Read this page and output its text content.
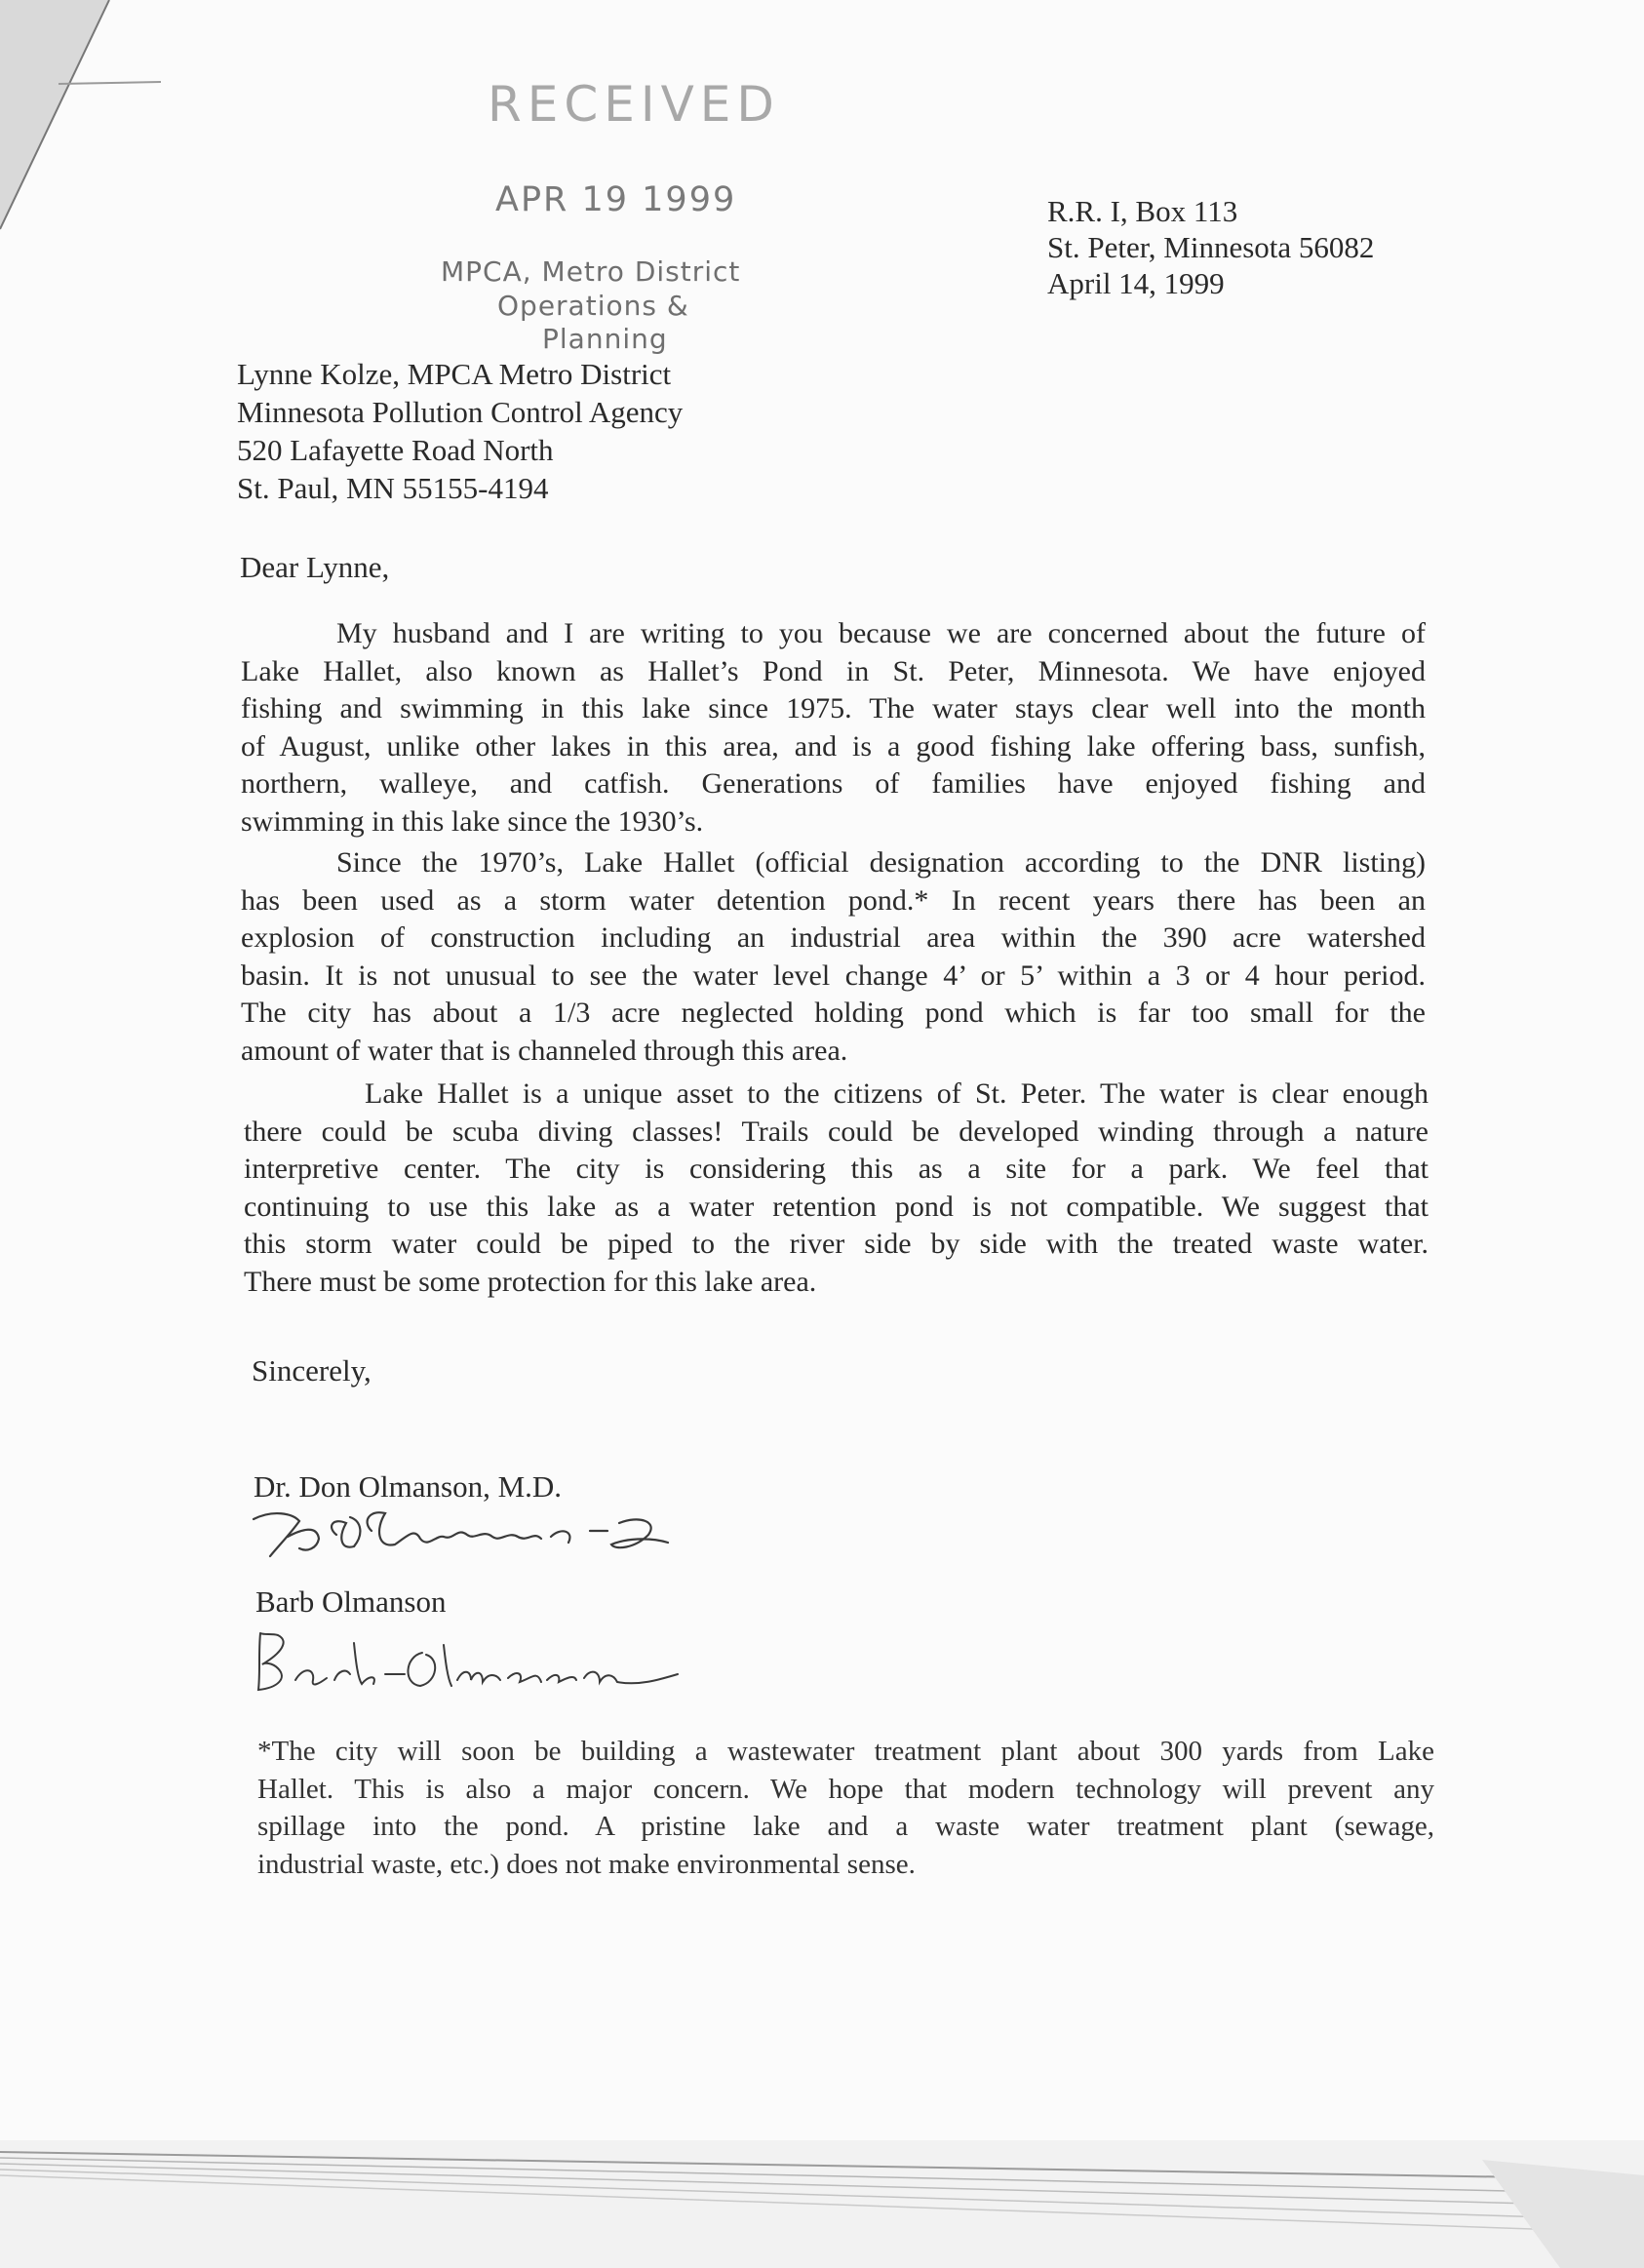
RECEIVED
APR 19 1999
MPCA, Metro District
Operations &
Planning
R.R. I, Box 113
St. Peter, Minnesota 56082
April 14, 1999
Lynne Kolze, MPCA Metro District
Minnesota Pollution Control Agency
520 Lafayette Road North
St. Paul, MN 55155-4194
Dear Lynne,
My husband and I are writing to you because we are concerned about the future of
Lake Hallet, also known as Hallet’s Pond in St. Peter, Minnesota. We have enjoyed
fishing and swimming in this lake since 1975. The water stays clear well into the month
of August, unlike other lakes in this area, and is a good fishing lake offering bass, sunfish,
northern, walleye, and catfish. Generations of families have enjoyed fishing and
swimming in this lake since the 1930’s.
Since the 1970’s, Lake Hallet (official designation according to the DNR listing)
has been used as a storm water detention pond.* In recent years there has been an
explosion of construction including an industrial area within the 390 acre watershed
basin. It is not unusual to see the water level change 4’ or 5’ within a 3 or 4 hour period.
The city has about a 1/3 acre neglected holding pond which is far too small for the
amount of water that is channeled through this area.
Lake Hallet is a unique asset to the citizens of St. Peter. The water is clear enough
there could be scuba diving classes! Trails could be developed winding through a nature
interpretive center. The city is considering this as a site for a park. We feel that
continuing to use this lake as a water retention pond is not compatible. We suggest that
this storm water could be piped to the river side by side with the treated waste water.
There must be some protection for this lake area.
Sincerely,
Dr. Don Olmanson, M.D.
Barb Olmanson
*The city will soon be building a wastewater treatment plant about 300 yards from Lake
Hallet. This is also a major concern. We hope that modern technology will prevent any
spillage into the pond. A pristine lake and a waste water treatment plant (sewage,
industrial waste, etc.) does not make environmental sense.
